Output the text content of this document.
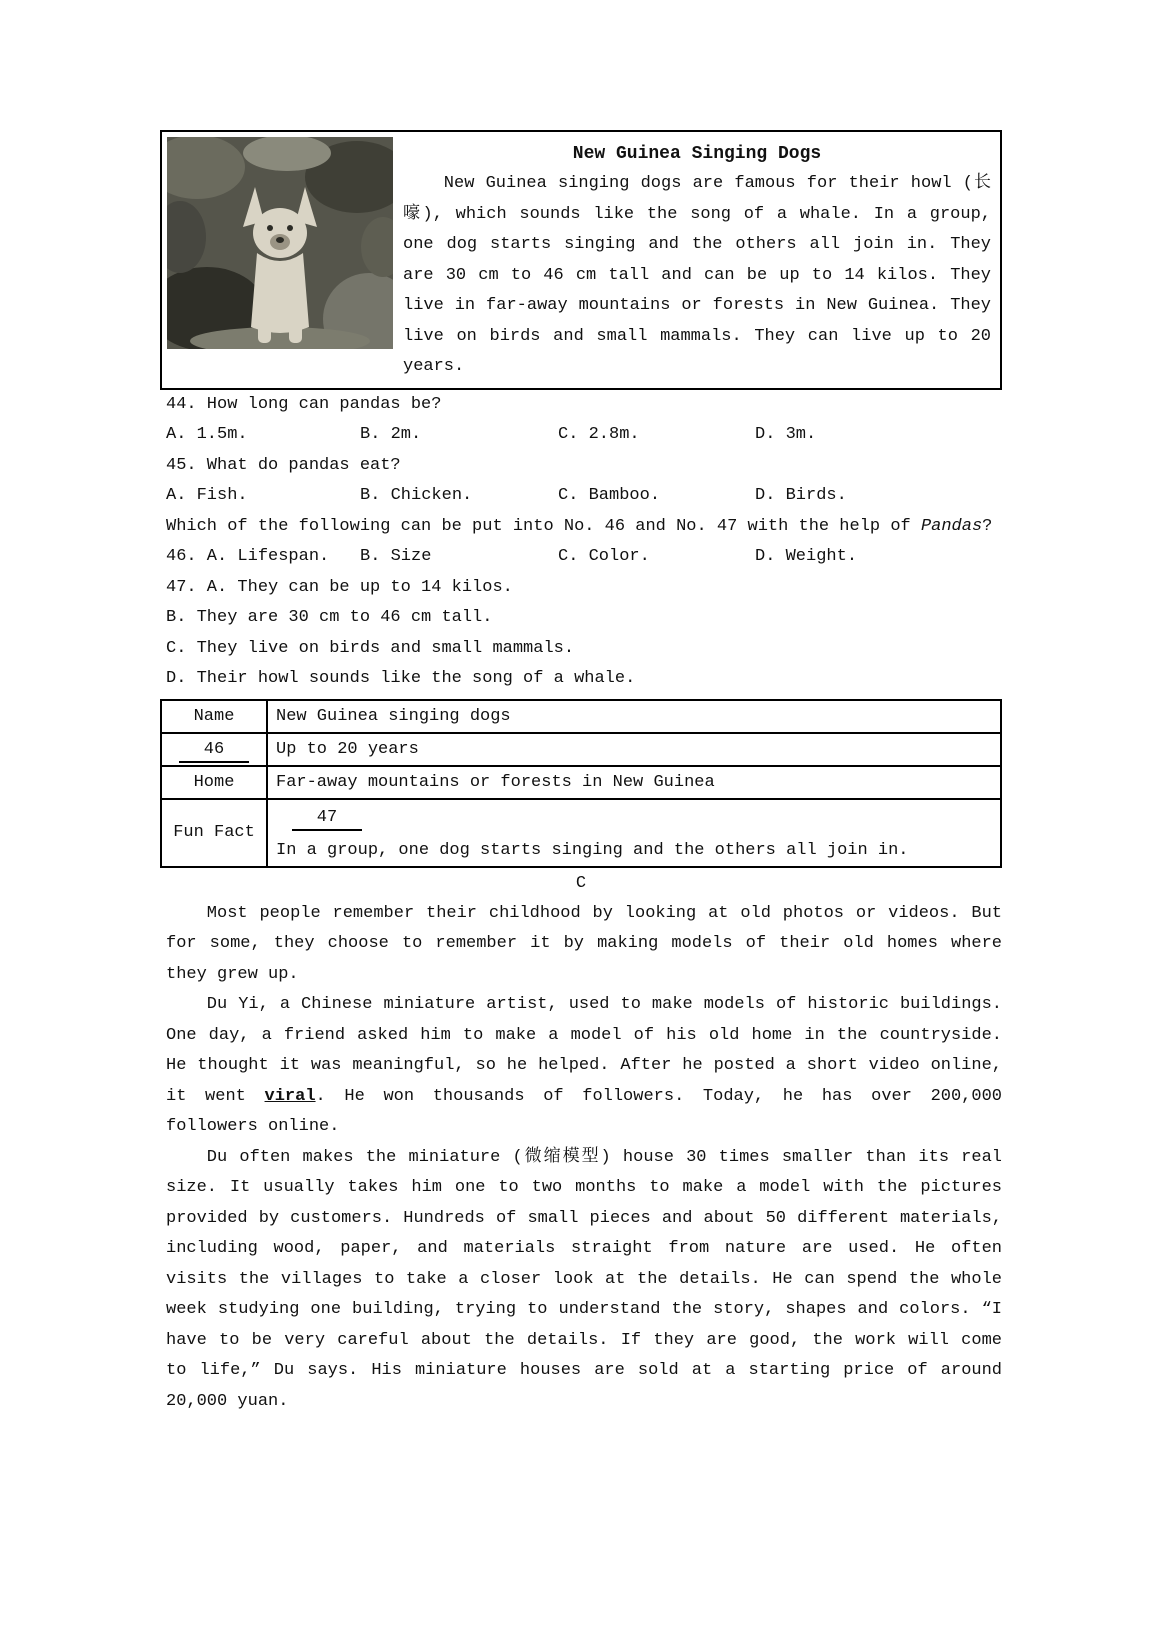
New Guinea Singing Dogs

New Guinea singing dogs are famous for their howl (长嚎), which sounds like the song of a whale. In a group, one dog starts singing and the others all join in. They are 30 cm to 46 cm tall and can be up to 14 kilos. They live in far-away mountains or forests in New Guinea. They live on birds and small mammals. They can live up to 20 years.

44. How long can pandas be?
A. 1.5m.	B. 2m.	C. 2.8m.	D. 3m.
45. What do pandas eat?
A. Fish.	B. Chicken.	C. Bamboo.	D. Birds.
Which of the following can be put into No. 46 and No. 47 with the help of Pandas?
46. A. Lifespan.	B. Size	C. Color.	D. Weight.
47. A. They can be up to 14 kilos.
B. They are 30 cm to 46 cm tall.
C. They live on birds and small mammals.
D. Their howl sounds like the song of a whale.
Name	New Guinea singing dogs
46	Up to 20 years
Home	Far-away mountains or forests in New Guinea
Fun Fact	47
In a group, one dog starts singing and the others all join in.
C

Most people remember their childhood by looking at old photos or videos. But for some, they choose to remember it by making models of their old homes where they grew up.

Du Yi, a Chinese miniature artist, used to make models of historic buildings. One day, a friend asked him to make a model of his old home in the countryside. He thought it was meaningful, so he helped. After he posted a short video online, it went viral. He won thousands of followers. Today, he has over 200,000 followers online.

Du often makes the miniature (微缩模型) house 30 times smaller than its real size. It usually takes him one to two months to make a model with the pictures provided by customers. Hundreds of small pieces and about 50 different materials, including wood, paper, and materials straight from nature are used. He often visits the villages to take a closer look at the details. He can spend the whole week studying one building, trying to understand the story, shapes and colors. “I have to be very careful about the details. If they are good, the work will come to life,” Du says. His miniature houses are sold at a starting price of around 20,000 yuan.
